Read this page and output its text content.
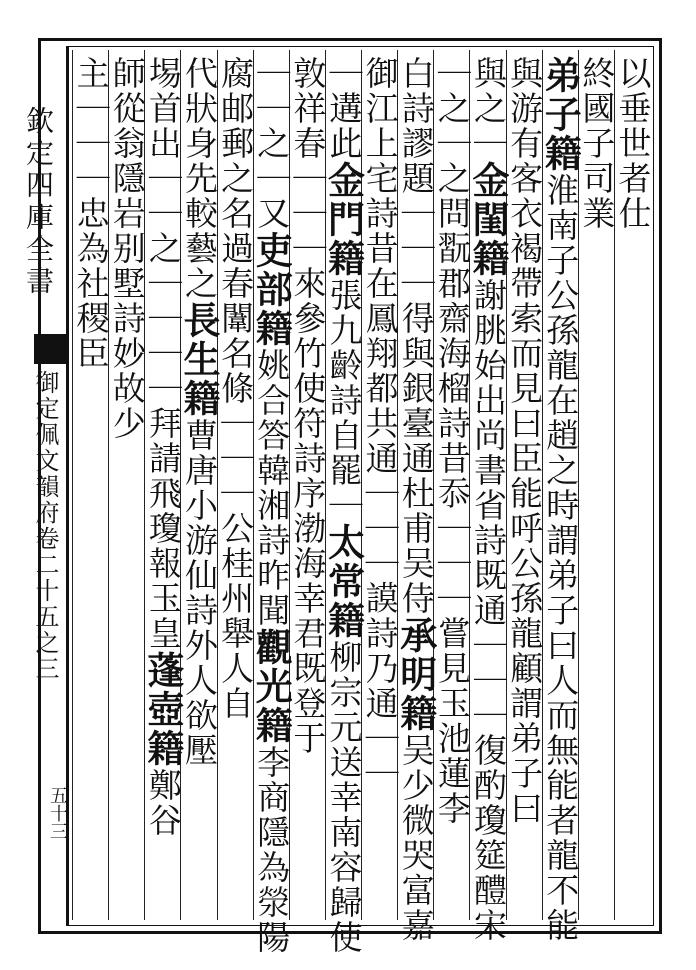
欽定四庫全書
御定佩文韻府卷二十五之三
五十三
以垂世者仕
終國子司業
弟子籍淮南子公孫龍在趙之時謂弟子曰人而無能者龍不能
與游有客衣褐帶索而見曰臣能呼公孫龍顧謂弟子曰
與之｜金閨籍謝朓始出尚書省詩既通｜｜｜復酌瓊筵醴宋
｜之｜之問翫郡齋海榴詩昔忝｜｜｜嘗見玉池蓮李
白詩謬題｜｜｜得與銀臺通杜甫吴侍承明籍吴少微哭富嘉
御江上宅詩昔在鳳翔都共通｜｜｜謨詩乃通｜｜
｜遘此金門籍張九齡詩自罷｜太常籍柳宗元送幸南容歸使
敦祥春｜｜｜來參竹使符詩序渤海幸君既登于
｜｜之｜又吏部籍姚合答韓湘詩昨聞觀光籍李商隱為滎陽
腐邮郵之名過春闈名條｜｜｜公桂州舉人自
代狀身先較藝之長生籍曹唐小游仙詩外人欲壓
埸首出｜｜之｜｜｜｜拜請飛瓊報玉皇蓬壺籍鄭谷
師從翁隱岩别墅詩妙故少
主｜｜｜忠為社稷臣
